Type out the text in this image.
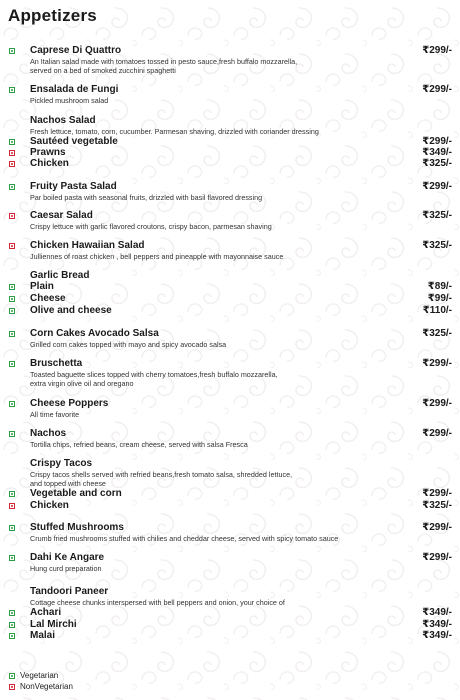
Appetizers
Caprese Di Quattro	₹299/-
An Italian salad made with tomatoes tossed in pesto sauce,fresh buffalo mozzarella,
served on a bed of smoked zucchini spaghetti
Ensalada de Fungi	₹299/-
Pickled mushroom salad
Nachos Salad
Fresh lettuce, tomato, corn, cucumber. Parmesan shaving, drizzled with coriander dressing
Sautéed vegetable	₹299/-
Prawns	₹349/-
Chicken	₹325/-
Fruity Pasta Salad	₹299/-
Par boiled pasta with seasonal fruits, drizzled with basil flavored dressing
Caesar Salad	₹325/-
Crispy lettuce with garlic flavored croutons, crispy bacon, parmesan shaving
Chicken Hawaiian Salad	₹325/-
Julliennes of roast chicken , bell peppers and pineapple with mayonnaise sauce
Garlic Bread
Plain	₹89/-
Cheese	₹99/-
Olive and cheese	₹110/-
Corn Cakes Avocado Salsa	₹325/-
Grilled corn cakes topped with mayo and spicy avocado salsa
Bruschetta	₹299/-
Toasted baguette slices topped with cherry tomatoes,fresh buffalo mozzarella,
extra virgin olive oil and oregano
Cheese Poppers	₹299/-
All time favorite
Nachos	₹299/-
Tortilla chips, refried beans, cream cheese, served with salsa Fresca
Crispy Tacos
Crispy tacos shells served with refried beans,fresh tomato salsa, shredded lettuce,
and topped with cheese
Vegetable and corn	₹299/-
Chicken	₹325/-
Stuffed Mushrooms	₹299/-
Crumb fried mushrooms stuffed with chilies and cheddar cheese, served with spicy tomato sauce
Dahi Ke Angare	₹299/-
Hung curd preparation
Tandoori Paneer
Cottage cheese chunks interspersed with bell peppers and onion, your choice of
Achari	₹349/-
Lal Mirchi	₹349/-
Malai	₹349/-
Vegetarian
NonVegetarian
